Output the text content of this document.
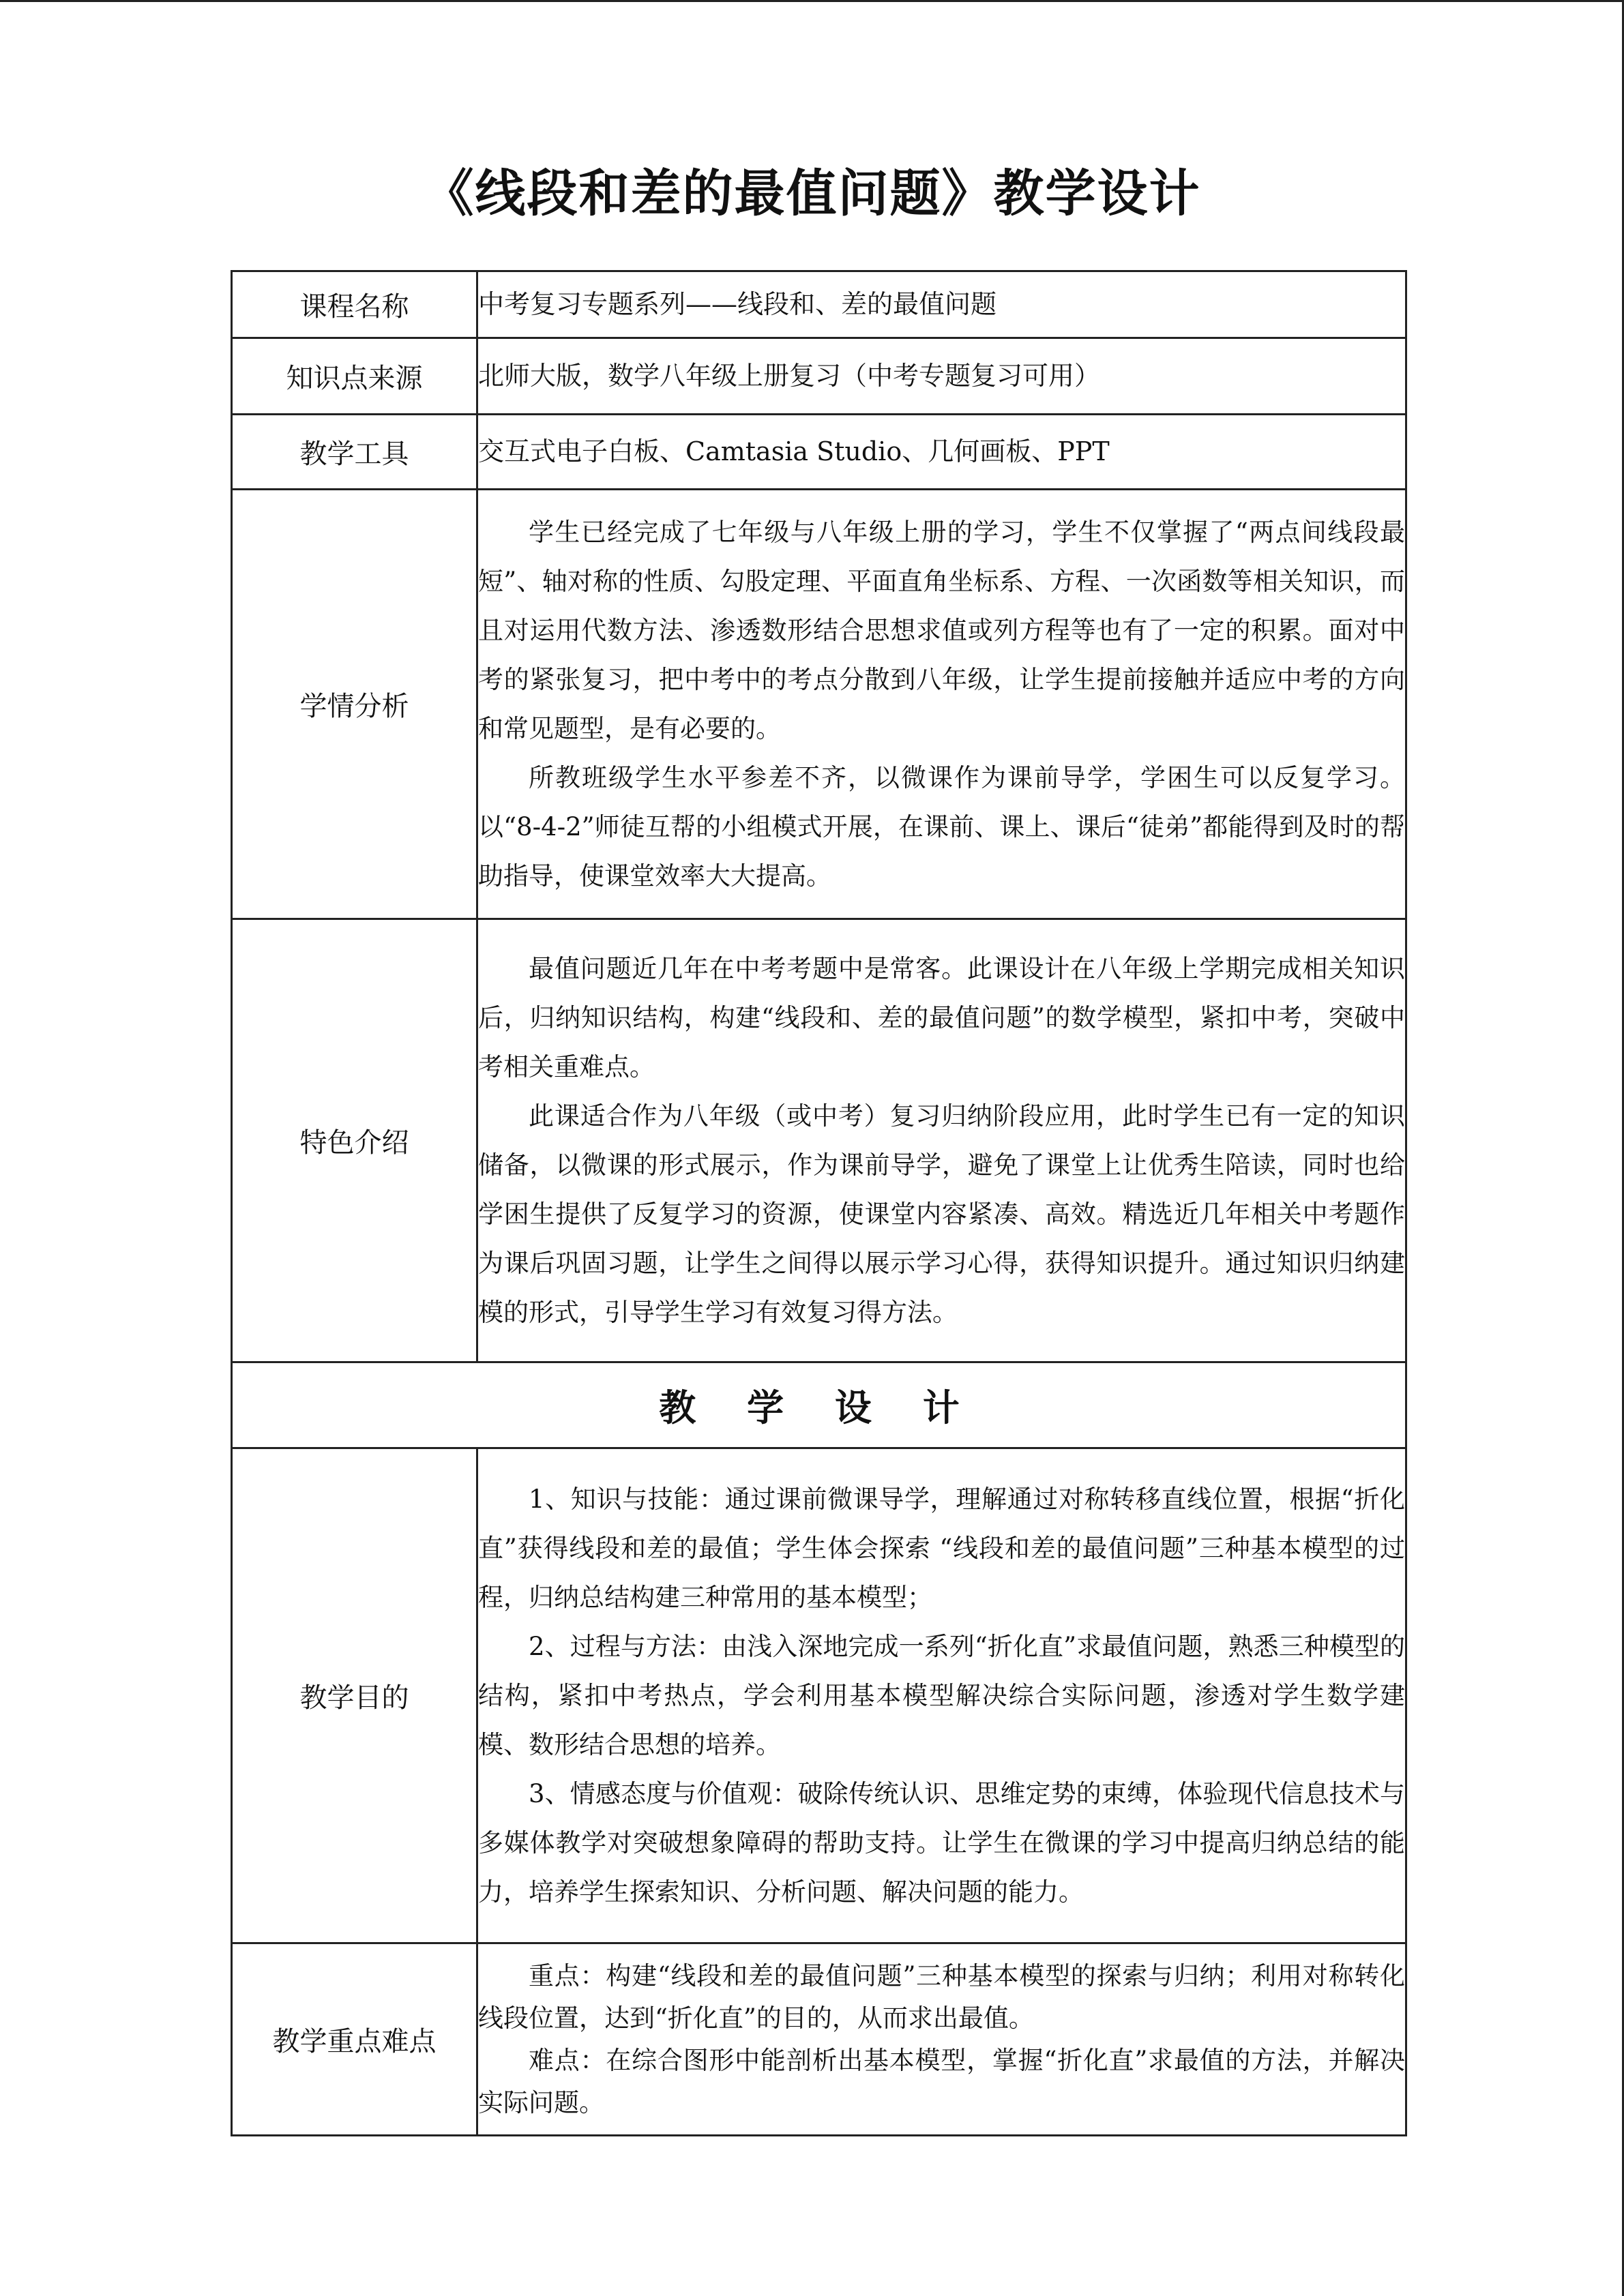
《线段和差的最值问题》教学设计
课程名称	中考复习专题系列——线段和、差的最值问题
知识点来源	北师大版，数学八年级上册复习（中考专题复习可用）
教学工具	交互式电子白板、Camtasia Studio、几何画板、PPT
学情分析	学生已经完成了七年级与八年级上册的学习，学生不仅掌握了“两点间线段最短”、轴对称的性质、勾股定理、平面直角坐标系、方程、一次函数等相关知识，而且对运用代数方法、渗透数形结合思想求值或列方程等也有了一定的积累。面对中考的紧张复习，把中考中的考点分散到八年级，让学生提前接触并适应中考的方向和常见题型，是有必要的。

所教班级学生水平参差不齐，以微课作为课前导学，学困生可以反复学习。以“8-4-2”师徒互帮的小组模式开展，在课前、课上、课后“徒弟”都能得到及时的帮助指导，使课堂效率大大提高。

特色介绍	最值问题近几年在中考考题中是常客。此课设计在八年级上学期完成相关知识后，归纳知识结构，构建“线段和、差的最值问题”的数学模型，紧扣中考，突破中考相关重难点。

此课适合作为八年级（或中考）复习归纳阶段应用，此时学生已有一定的知识储备，以微课的形式展示，作为课前导学，避免了课堂上让优秀生陪读，同时也给学困生提供了反复学习的资源，使课堂内容紧凑、高效。精选近几年相关中考题作为课后巩固习题，让学生之间得以展示学习心得，获得知识提升。通过知识归纳建模的形式，引导学生学习有效复习得方法。

教 学 设 计	
教学目的	1、知识与技能：通过课前微课导学，理解通过对称转移直线位置，根据“折化直”获得线段和差的最值；学生体会探索 “线段和差的最值问题”三种基本模型的过程，归纳总结构建三种常用的基本模型；

2、过程与方法：由浅入深地完成一系列“折化直”求最值问题，熟悉三种模型的结构，紧扣中考热点，学会利用基本模型解决综合实际问题，渗透对学生数学建模、数形结合思想的培养。

3、情感态度与价值观：破除传统认识、思维定势的束缚，体验现代信息技术与多媒体教学对突破想象障碍的帮助支持。让学生在微课的学习中提高归纳总结的能力，培养学生探索知识、分析问题、解决问题的能力。

教学重点难点	重点：构建“线段和差的最值问题”三种基本模型的探索与归纳；利用对称转化线段位置，达到“折化直”的目的，从而求出最值。

难点：在综合图形中能剖析出基本模型，掌握“折化直”求最值的方法，并解决实际问题。
